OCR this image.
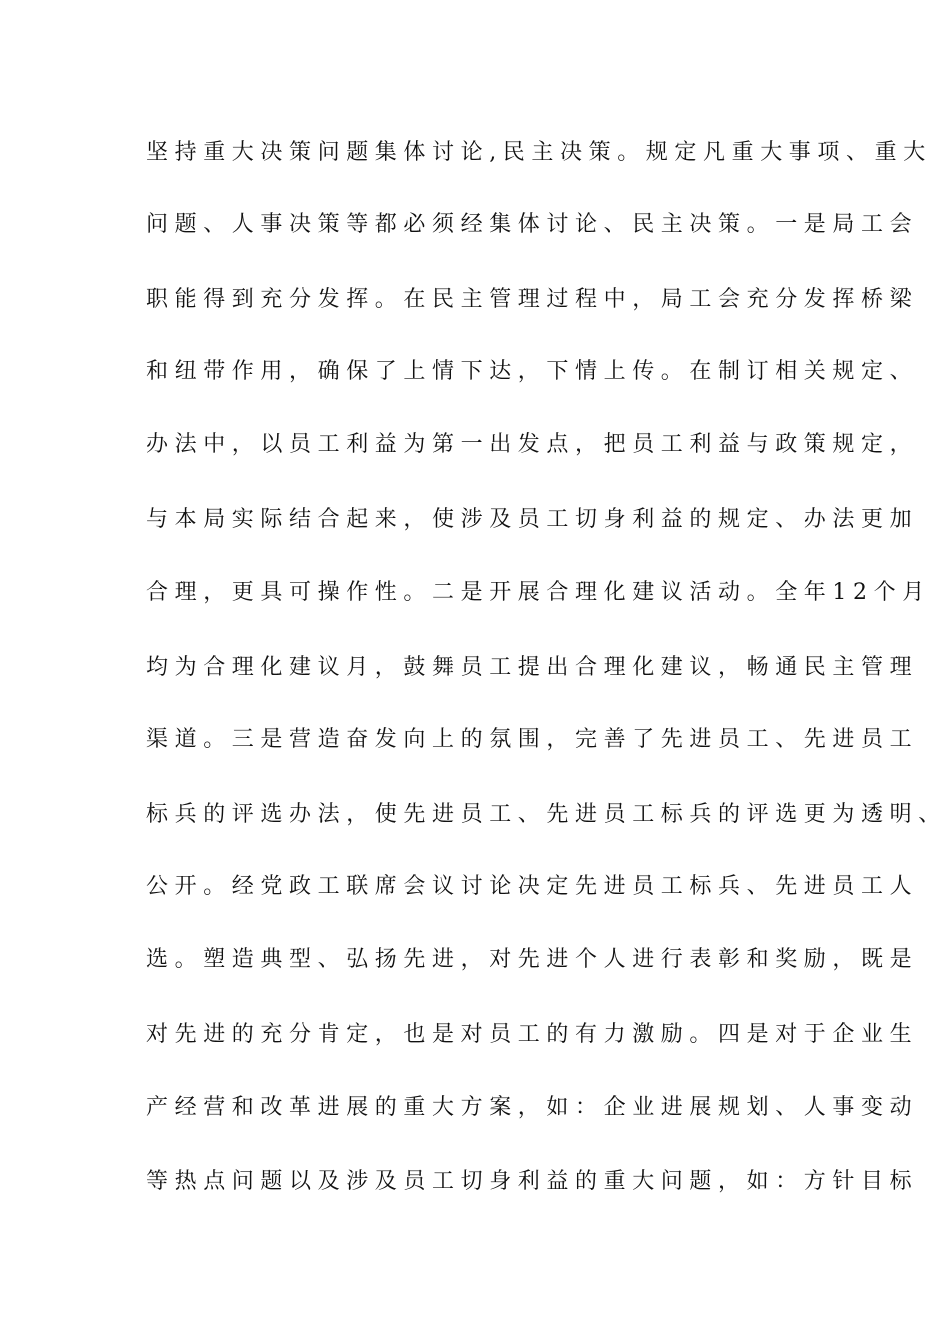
坚持重大决策问题集体讨论,民主决策。规定凡重大事项、重大
问题、人事决策等都必须经集体讨论、民主决策。一是局工会
职能得到充分发挥。在民主管理过程中，局工会充分发挥桥梁
和纽带作用，确保了上情下达，下情上传。在制订相关规定、
办法中，以员工利益为第一出发点，把员工利益与政策规定，
与本局实际结合起来，使涉及员工切身利益的规定、办法更加
合理，更具可操作性。二是开展合理化建议活动。全年12个月
均为合理化建议月，鼓舞员工提出合理化建议，畅通民主管理
渠道。三是营造奋发向上的氛围，完善了先进员工、先进员工
标兵的评选办法，使先进员工、先进员工标兵的评选更为透明、
公开。经党政工联席会议讨论决定先进员工标兵、先进员工人
选。塑造典型、弘扬先进，对先进个人进行表彰和奖励，既是
对先进的充分肯定，也是对员工的有力激励。四是对于企业生
产经营和改革进展的重大方案，如：企业进展规划、人事变动
等热点问题以及涉及员工切身利益的重大问题，如：方针目标
